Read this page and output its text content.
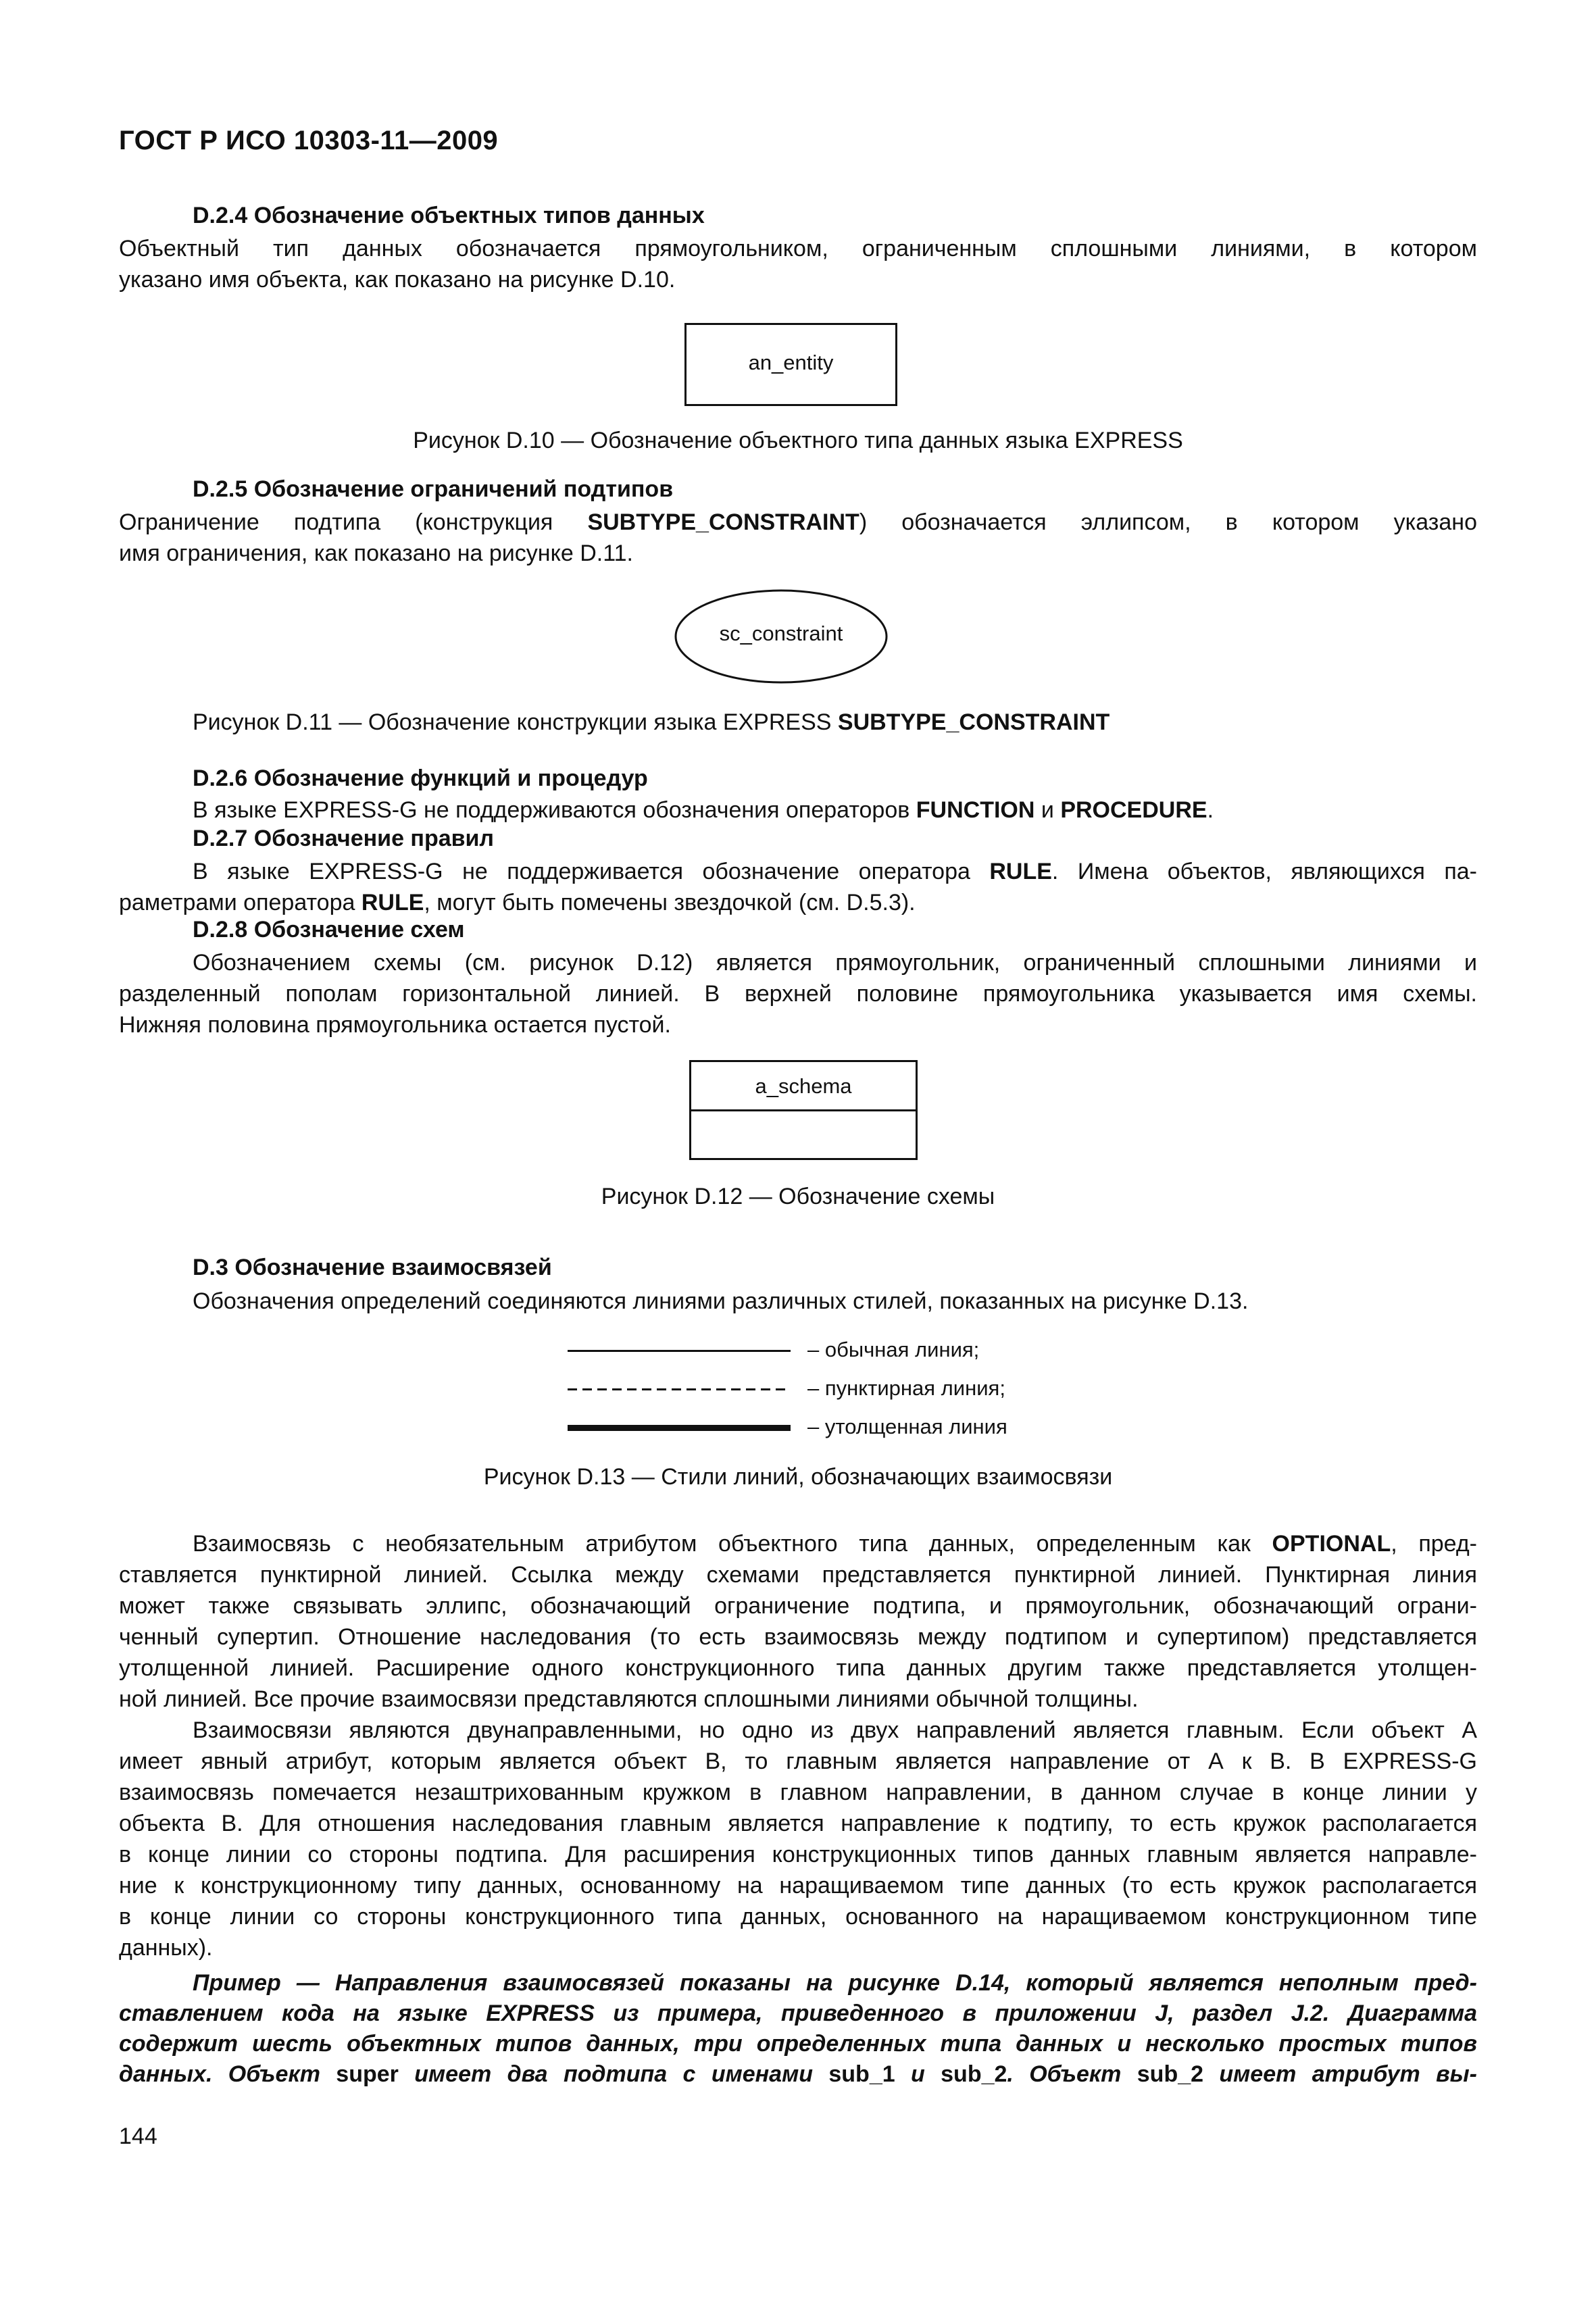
ГОСТ Р ИСО 10303-11—2009
D.2.4 Обозначение объектных типов данных
Объектный тип данных обозначается прямоугольником, ограниченным сплошными линиями, в котором
указано имя объекта, как показано на рисунке D.10.
an_entity
Рисунок D.10 — Обозначение объектного типа данных языка EXPRESS
D.2.5 Обозначение ограничений подтипов
Ограничение подтипа (конструкция SUBTYPE_CONSTRAINT) обозначается эллипсом, в котором указано
имя ограничения, как показано на рисунке D.11.
sc_constraint
Рисунок D.11 — Обозначение конструкции языка EXPRESS SUBTYPE_CONSTRAINT
D.2.6 Обозначение функций и процедур
В языке EXPRESS-G не поддерживаются обозначения операторов FUNCTION и PROCEDURE.
D.2.7 Обозначение правил
В языке EXPRESS-G не поддерживается обозначение оператора RULE. Имена объектов, являющихся па-
раметрами оператора RULE, могут быть помечены звездочкой (см. D.5.3).
D.2.8 Обозначение схем
Обозначением схемы (см. рисунок D.12) является прямоугольник, ограниченный сплошными линиями и
разделенный пополам горизонтальной линией. В верхней половине прямоугольника указывается имя схемы.
Нижняя половина прямоугольника остается пустой.
a_schema
Рисунок D.12 — Обозначение схемы
D.3 Обозначение взаимосвязей
Обозначения определений соединяются линиями различных стилей, показанных на рисунке D.13.
– обычная линия;
– пунктирная линия;
– утолщенная линия
Рисунок D.13 — Стили линий, обозначающих взаимосвязи
Взаимосвязь с необязательным атрибутом объектного типа данных, определенным как OPTIONAL, пред-
ставляется пунктирной линией. Ссылка между схемами представляется пунктирной линией. Пунктирная линия
может также связывать эллипс, обозначающий ограничение подтипа, и прямоугольник, обозначающий ограни-
ченный супертип. Отношение наследования (то есть взаимосвязь между подтипом и супертипом) представляется
утолщенной линией. Расширение одного конструкционного типа данных другим также представляется утолщен-
ной линией. Все прочие взаимосвязи представляются сплошными линиями обычной толщины.
Взаимосвязи являются двунаправленными, но одно из двух направлений является главным. Если объект А
имеет явный атрибут, которым является объект В, то главным является направление от А к В. В EXPRESS-G
взаимосвязь помечается незаштрихованным кружком в главном направлении, в данном случае в конце линии у
объекта В. Для отношения наследования главным является направление к подтипу, то есть кружок располагается
в конце линии со стороны подтипа. Для расширения конструкционных типов данных главным является направле-
ние к конструкционному типу данных, основанному на наращиваемом типе данных (то есть кружок располагается
в конце линии со стороны конструкционного типа данных, основанного на наращиваемом конструкционном типе
данных).
Пример — Направления взаимосвязей показаны на рисунке D.14, который является неполным пред-
ставлением кода на языке EXPRESS из примера, приведенного в приложении J, раздел J.2. Диаграмма
содержит шесть объектных типов данных, три определенных типа данных и несколько простых типов
данных. Объект super имеет два подтипа с именами sub_1 и sub_2. Объект sub_2 имеет атрибут вы-
144
